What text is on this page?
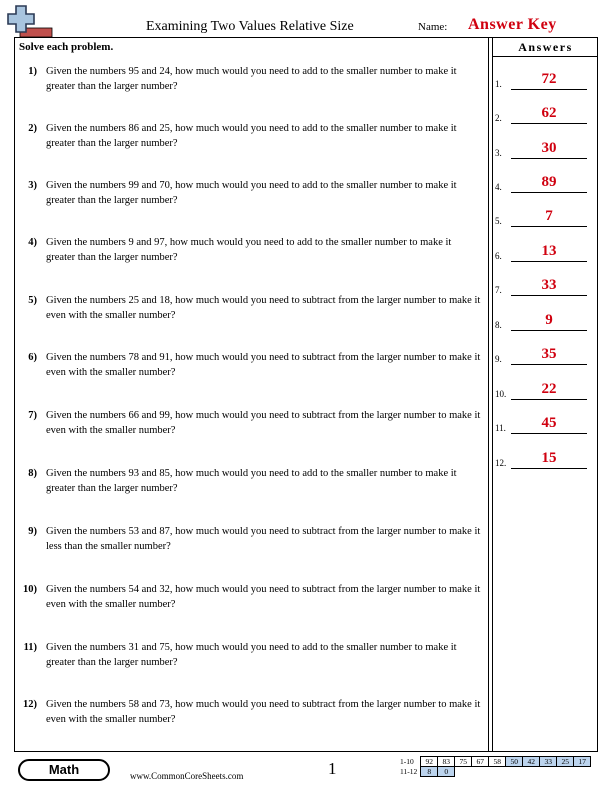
Examining Two Values Relative Size	Name: Answer Key
Solve each problem.	Answers
1) Given the numbers 95 and 24, how much would you need to add to the smaller number to make it greater than the larger number?
2) Given the numbers 86 and 25, how much would you need to add to the smaller number to make it greater than the larger number?
3) Given the numbers 99 and 70, how much would you need to add to the smaller number to make it greater than the larger number?
4) Given the numbers 9 and 97, how much would you need to add to the smaller number to make it greater than the larger number?
5) Given the numbers 25 and 18, how much would you need to subtract from the larger number to make it even with the smaller number?
6) Given the numbers 78 and 91, how much would you need to subtract from the larger number to make it even with the smaller number?
7) Given the numbers 66 and 99, how much would you need to subtract from the larger number to make it even with the smaller number?
8) Given the numbers 93 and 85, how much would you need to add to the smaller number to make it greater than the larger number?
9) Given the numbers 53 and 87, how much would you need to subtract from the larger number to make it less than the smaller number?
10) Given the numbers 54 and 32, how much would you need to subtract from the larger number to make it even with the smaller number?
11) Given the numbers 31 and 75, how much would you need to add to the smaller number to make it greater than the larger number?
12) Given the numbers 58 and 73, how much would you need to subtract from the larger number to make it even with the smaller number?
1.	72
2.	62
3.	30
4.	89
5.	7
6.	13
7.	33
8.	9
9.	35
10.	22
11.	45
12.	15
Math	www.CommonCoreSheets.com	1	1-10	92	83	75	67	58	50	42	33	25	17
11-12	8	0								
